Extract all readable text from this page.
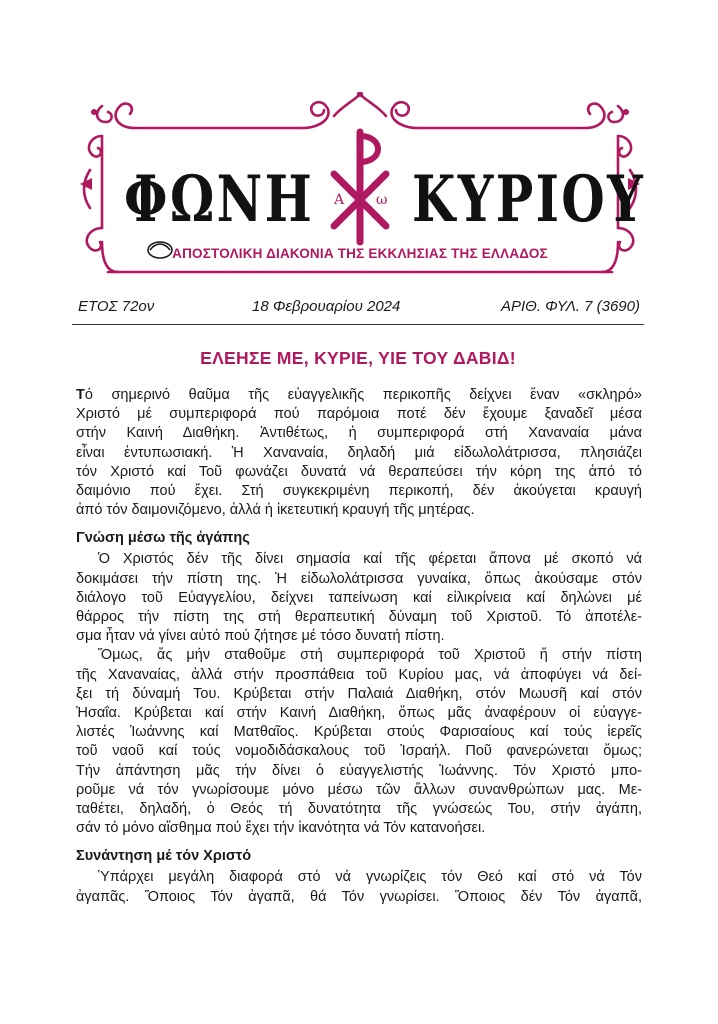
ΦΩΝΗ ΚΥΡΙΟΥ
Α ω
ΑΠΟΣΤΟΛΙΚΗ ΔΙΑΚΟΝΙΑ ΤΗΣ ΕΚΚΛΗΣΙΑΣ ΤΗΣ ΕΛΛΑΔΟΣ
ΕΤΟΣ 72ον	18 Φεβρουαρίου 2024	ΑΡΙΘ. ΦΥΛ. 7 (3690)
ΕΛΕΗΣΕ ΜΕ, ΚΥΡΙΕ, ΥΙΕ ΤΟΥ ΔΑΒΙΔ!
Τό σημερινό θαῦμα τῆς εὐαγγελικῆς περικοπῆς δείχνει ἕναν «σκληρό»
Χριστό μέ συμπεριφορά πού παρόμοια ποτέ δέν ἔχουμε ξαναδεῖ μέσα
στήν Καινή Διαθήκη. Ἀντιθέτως, ἡ συμπεριφορά στή Χαναναία μάνα
εἶναι ἐντυπωσιακή. Ἡ Χαναναία, δηλαδή μιά εἰδωλολάτρισσα, πλησιάζει
τόν Χριστό καί Τοῦ φωνάζει δυνατά νά θεραπεύσει τήν κόρη της ἀπό τό
δαιμόνιο πού ἔχει. Στή συγκεκριμένη περικοπή, δέν ἀκούγεται κραυγή
ἀπό τόν δαιμονιζόμενο, ἀλλά ἡ ἱκετευτική κραυγή τῆς μητέρας.
Γνώση μέσω τῆς ἀγάπης
Ὁ Χριστός δέν τῆς δίνει σημασία καί τῆς φέρεται ἄπονα μέ σκοπό νά
δοκιμάσει τήν πίστη της. Ἡ εἰδωλολάτρισσα γυναίκα, ὅπως ἀκούσαμε στόν
διάλογο τοῦ Εὐαγγελίου, δείχνει ταπείνωση καί εἰλικρίνεια καί δηλώνει μέ
θάρρος τήν πίστη της στή θεραπευτική δύναμη τοῦ Χριστοῦ. Τό ἀποτέλε-
σμα ἦταν νά γίνει αὐτό πού ζήτησε μέ τόσο δυνατή πίστη.
Ὅμως, ἄς μήν σταθοῦμε στή συμπεριφορά τοῦ Χριστοῦ ἤ στήν πίστη
τῆς Χαναναίας, ἀλλά στήν προσπάθεια τοῦ Κυρίου μας, νά ἀποφύγει νά δεί-
ξει τή δύναμή Του. Κρύβεται στήν Παλαιά Διαθήκη, στόν Μωυσῆ καί στόν
Ἠσαΐα. Κρύβεται καί στήν Καινή Διαθήκη, ὅπως μᾶς ἀναφέρουν οἱ εὐαγγε-
λιστές Ἰωάννης καί Ματθαῖος. Κρύβεται στούς Φαρισαίους καί τούς ἱερεῖς
τοῦ ναοῦ καί τούς νομοδιδάσκαλους τοῦ Ἰσραήλ. Ποῦ φανερώνεται ὅμως;
Τήν ἀπάντηση μᾶς τήν δίνει ὁ εὐαγγελιστής Ἰωάννης. Τόν Χριστό μπο-
ροῦμε νά τόν γνωρίσουμε μόνο μέσω τῶν ἄλλων συνανθρώπων μας. Με-
ταθέτει, δηλαδή, ὁ Θεός τή δυνατότητα τῆς γνώσεώς Του, στήν ἀγάπη,
σάν τό μόνο αἴσθημα πού ἔχει τήν ἱκανότητα νά Τόν κατανοήσει.
Συνάντηση μέ τόν Χριστό
Ὑπάρχει μεγάλη διαφορά στό νά γνωρίζεις τόν Θεό καί στό νά Τόν
ἀγαπᾶς. Ὅποιος Τόν ἀγαπᾶ, θά Τόν γνωρίσει. Ὅποιος δέν Τόν ἀγαπᾶ,
